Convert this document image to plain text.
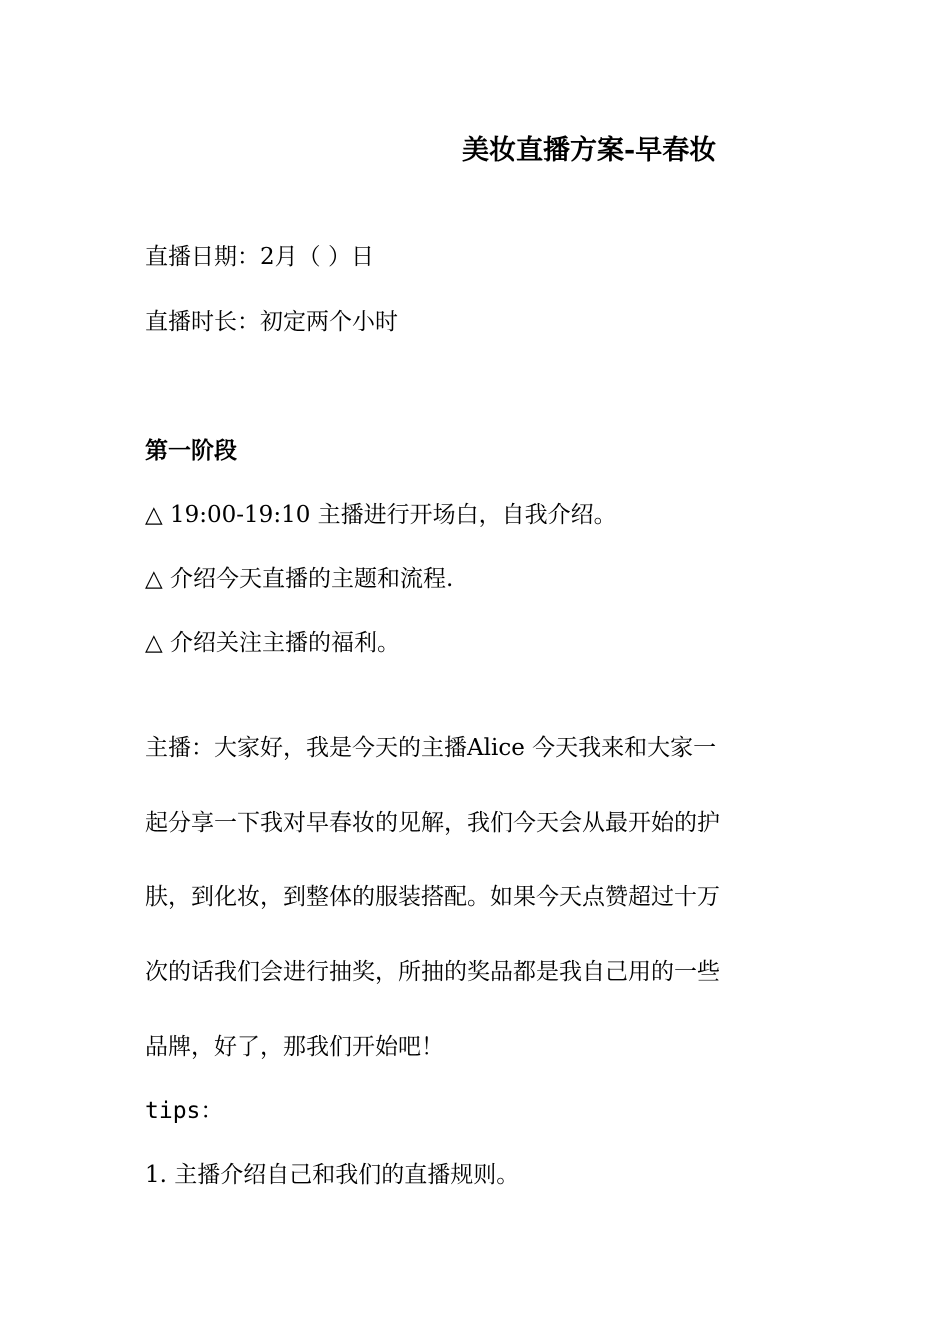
美妆直播方案-早春妆
直播日期：2月（ ）日
直播时长：初定两个小时
第一阶段
△ 19:00-19:10 主播进行开场白，自我介绍。
△ 介绍今天直播的主题和流程.
△ 介绍关注主播的福利。
主播：大家好，我是今天的主播Alice 今天我来和大家一
起分享一下我对早春妆的见解，我们今天会从最开始的护
肤，到化妆，到整体的服装搭配。如果今天点赞超过十万
次的话我们会进行抽奖，所抽的奖品都是我自己用的一些
品牌，好了，那我们开始吧！
tips：
1. 主播介绍自己和我们的直播规则。
